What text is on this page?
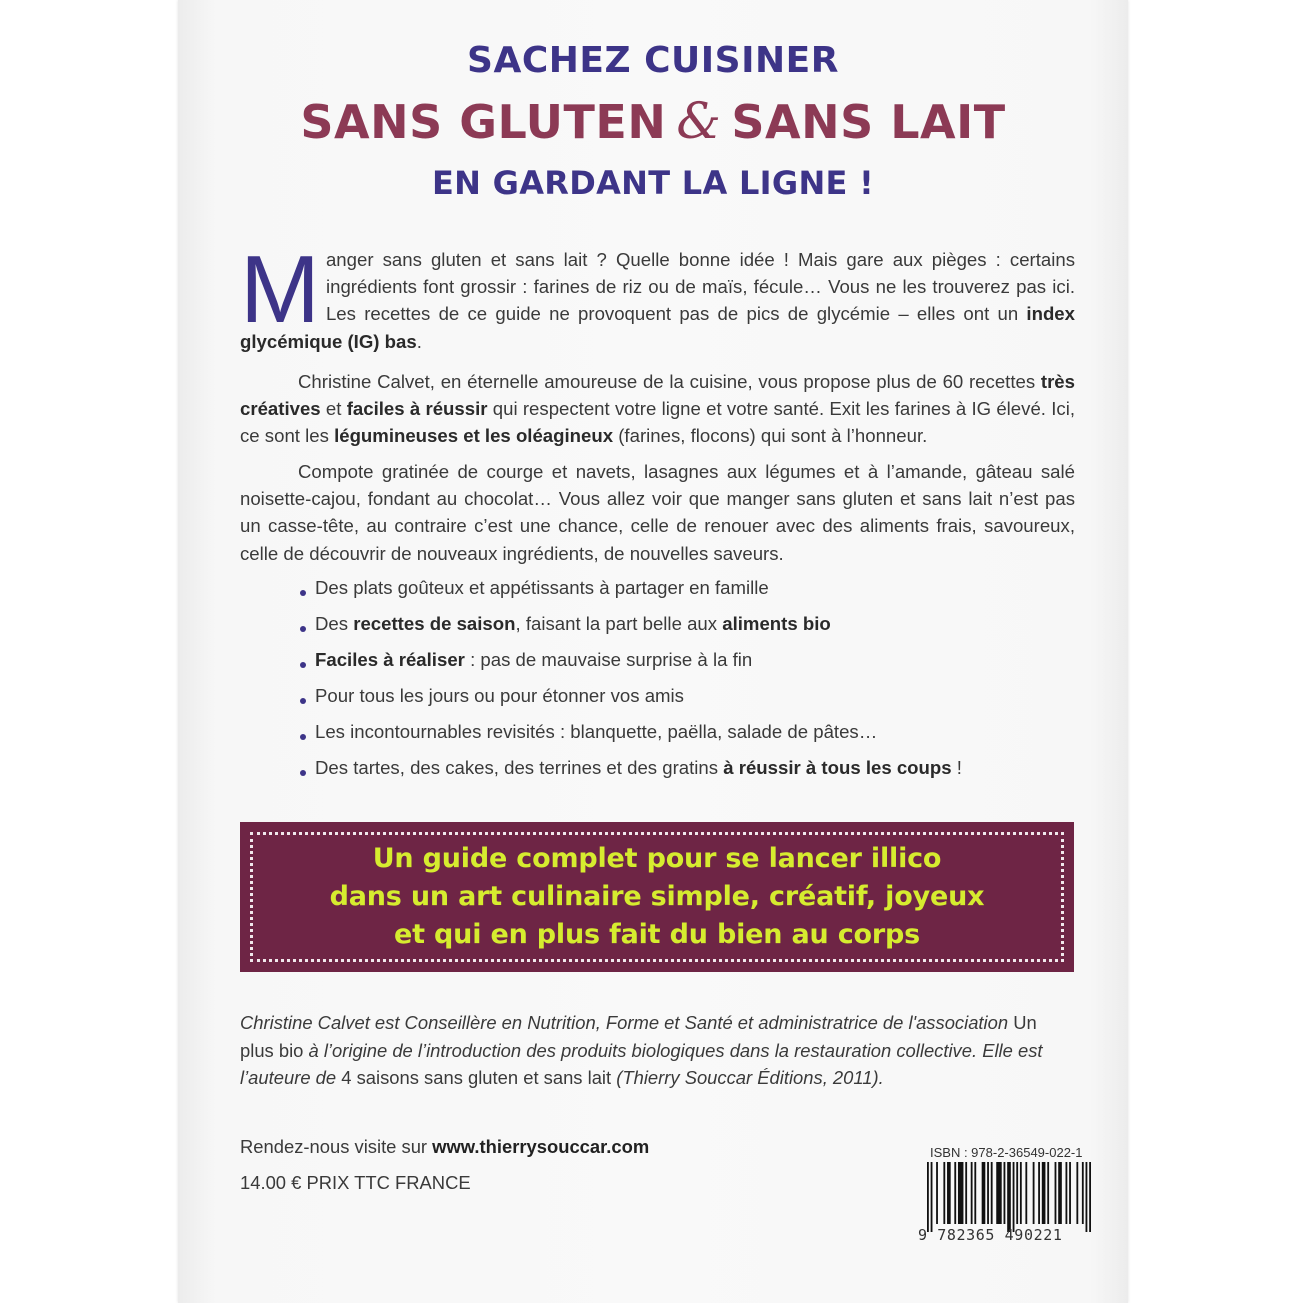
SACHEZ CUISINER
SANS GLUTEN & SANS LAIT
EN GARDANT LA LIGNE !

Manger sans gluten et sans lait ? Quelle bonne idée ! Mais gare aux pièges : certains ingrédients font grossir : farines de riz ou de maïs, fécule… Vous ne les trouverez pas ici. Les recettes de ce guide ne provoquent pas de pics de glycémie – elles ont un index glycémique (IG) bas.

Christine Calvet, en éternelle amoureuse de la cuisine, vous propose plus de 60 recettes très créatives et faciles à réussir qui respectent votre ligne et votre santé. Exit les farines à IG élevé. Ici, ce sont les légumineuses et les oléagineux (farines, flocons) qui sont à l’honneur.

Compote gratinée de courge et navets, lasagnes aux légumes et à l’amande, gâteau salé noisette-cajou, fondant au chocolat… Vous allez voir que manger sans gluten et sans lait n’est pas un casse-tête, au contraire c’est une chance, celle de renouer avec des aliments frais, savoureux, celle de découvrir de nouveaux ingrédients, de nouvelles saveurs.

Des plats goûteux et appétissants à partager en famille
Des recettes de saison, faisant la part belle aux aliments bio
Faciles à réaliser : pas de mauvaise surprise à la fin
Pour tous les jours ou pour étonner vos amis
Les incontournables revisités : blanquette, paëlla, salade de pâtes…
Des tartes, des cakes, des terrines et des gratins à réussir à tous les coups !
Un guide complet pour se lancer illico
dans un art culinaire simple, créatif, joyeux
et qui en plus fait du bien au corps

Christine Calvet est Conseillère en Nutrition, Forme et Santé et administratrice de l'association Un plus bio à l’origine de l’introduction des produits biologiques dans la restauration collective. Elle est l’auteure de 4 saisons sans gluten et sans lait (Thierry Souccar Éditions, 2011).

Rendez-nous visite sur www.thierrysouccar.com
14.00 € PRIX TTC FRANCE
ISBN : 978-2-36549-022-1
9 782365 490221
